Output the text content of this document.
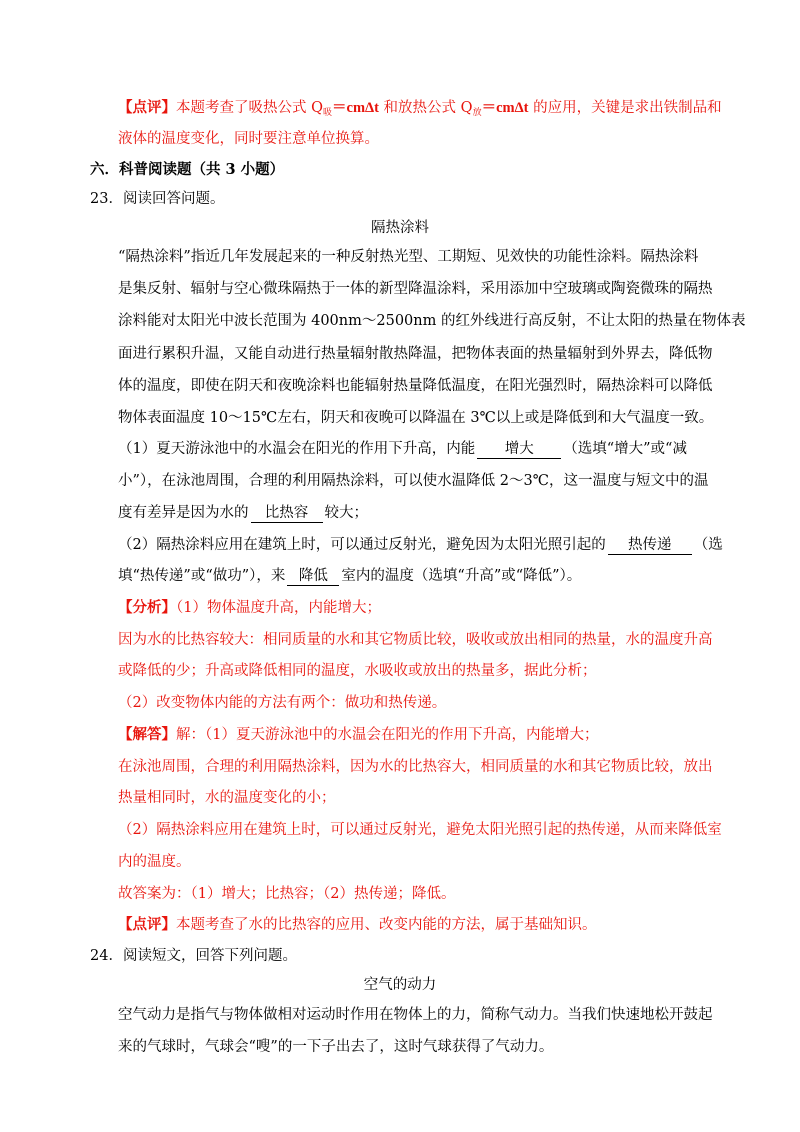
【点评】本题考查了吸热公式 $Q_吸=cm\Delta t$ 和放热公式 $Q_放=cm\Delta t$ 的应用，关键是求出铁制品和
液体的温度变化，同时要注意单位换算。
六．科普阅读题（共 3 小题）
23．阅读回答问题。
隔热涂料
“隔热涂料”指近几年发展起来的一种反射热光型、工期短、见效快的功能性涂料。隔热涂料
是集反射、辐射与空心微珠隔热于一体的新型降温涂料，采用添加中空玻璃或陶瓷微珠的隔热
涂料能对太阳光中波长范围为 400nm～2500nm 的红外线进行高反射，不让太阳的热量在物体表
面进行累积升温，又能自动进行热量辐射散热降温，把物体表面的热量辐射到外界去，降低物
体的温度，即使在阴天和夜晚涂料也能辐射热量降低温度，在阳光强烈时，隔热涂料可以降低
物体表面温度 10～15℃左右，阴天和夜晚可以降温在 3℃以上或是降低到和大气温度一致。
（1）夏天游泳池中的水温会在阳光的作用下升高，内能 增大 （选填“增大”或“减
小”），在泳池周围，合理的利用隔热涂料，可以使水温降低 2～3℃，这一温度与短文中的温
度有差异是因为水的 比热容 较大；
（2）隔热涂料应用在建筑上时，可以通过反射光，避免因为太阳光照引起的 热传递 （选
填“热传递”或“做功”），来 降低 室内的温度（选填“升高”或“降低”）。
【分析】（1）物体温度升高，内能增大；
因为水的比热容较大：相同质量的水和其它物质比较，吸收或放出相同的热量，水的温度升高
或降低的少；升高或降低相同的温度，水吸收或放出的热量多，据此分析；
（2）改变物体内能的方法有两个：做功和热传递。
【解答】解：（1）夏天游泳池中的水温会在阳光的作用下升高，内能增大；
在泳池周围，合理的利用隔热涂料，因为水的比热容大，相同质量的水和其它物质比较，放出
热量相同时，水的温度变化的小；
（2）隔热涂料应用在建筑上时，可以通过反射光，避免太阳光照引起的热传递，从而来降低室
内的温度。
故答案为：（1）增大；比热容；（2）热传递；降低。
【点评】本题考查了水的比热容的应用、改变内能的方法，属于基础知识。
24．阅读短文，回答下列问题。
空气的动力
空气动力是指气与物体做相对运动时作用在物体上的力，简称气动力。当我们快速地松开鼓起
来的气球时，气球会“嗖”的一下子出去了，这时气球获得了气动力。
